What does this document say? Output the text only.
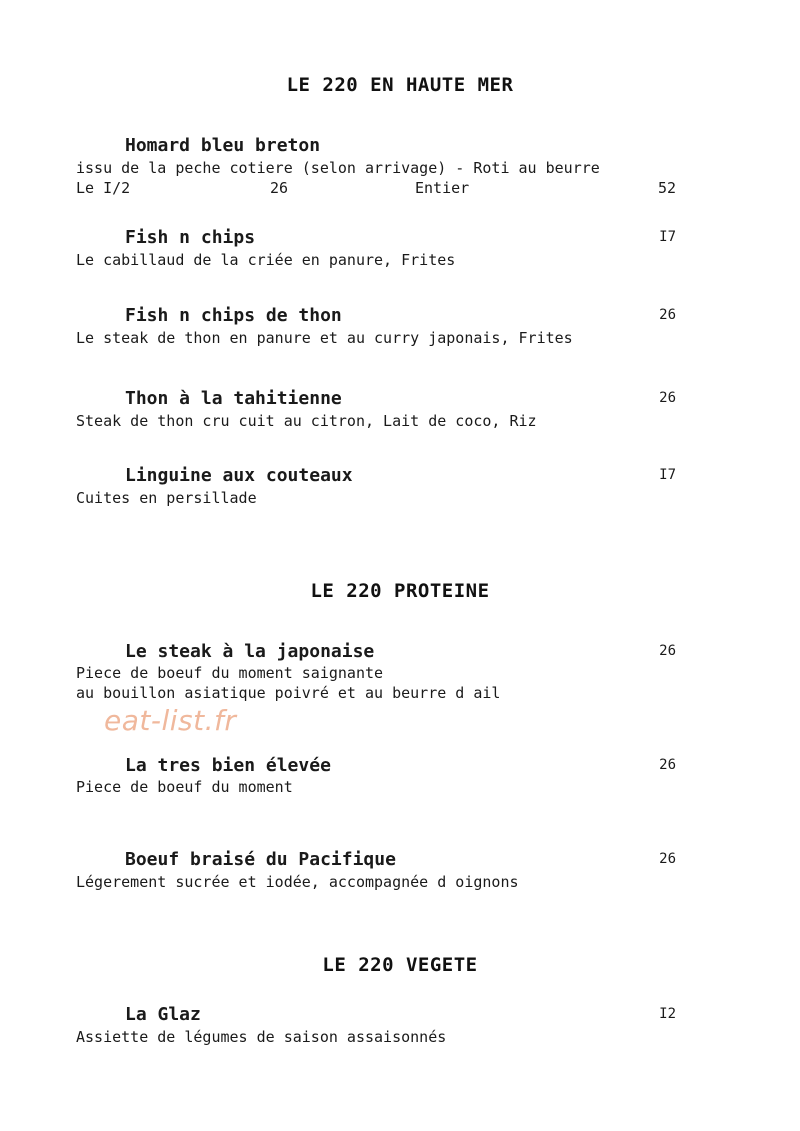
LE 220 EN HAUTE MER
Homard bleu breton
issu de la peche cotiere (selon arrivage) - Roti au beurre
Le I/2	26	Entier	52
Fish n chips	I7
Le cabillaud de la criée en panure, Frites
Fish n chips de thon	26
Le steak de thon en panure et au curry japonais, Frites
Thon à la tahitienne	26
Steak de thon cru cuit au citron, Lait de coco, Riz
Linguine aux couteaux	I7
Cuites en persillade
LE 220 PROTEINE
Le steak à la japonaise	26
Piece de boeuf du moment saignante
au bouillon asiatique poivré et au beurre d ail
eat-list.fr
La tres bien élevée	26
Piece de boeuf du moment
Boeuf braisé du Pacifique	26
Légerement sucrée et iodée, accompagnée d oignons
LE 220 VEGETE
La Glaz	I2
Assiette de légumes de saison assaisonnés
